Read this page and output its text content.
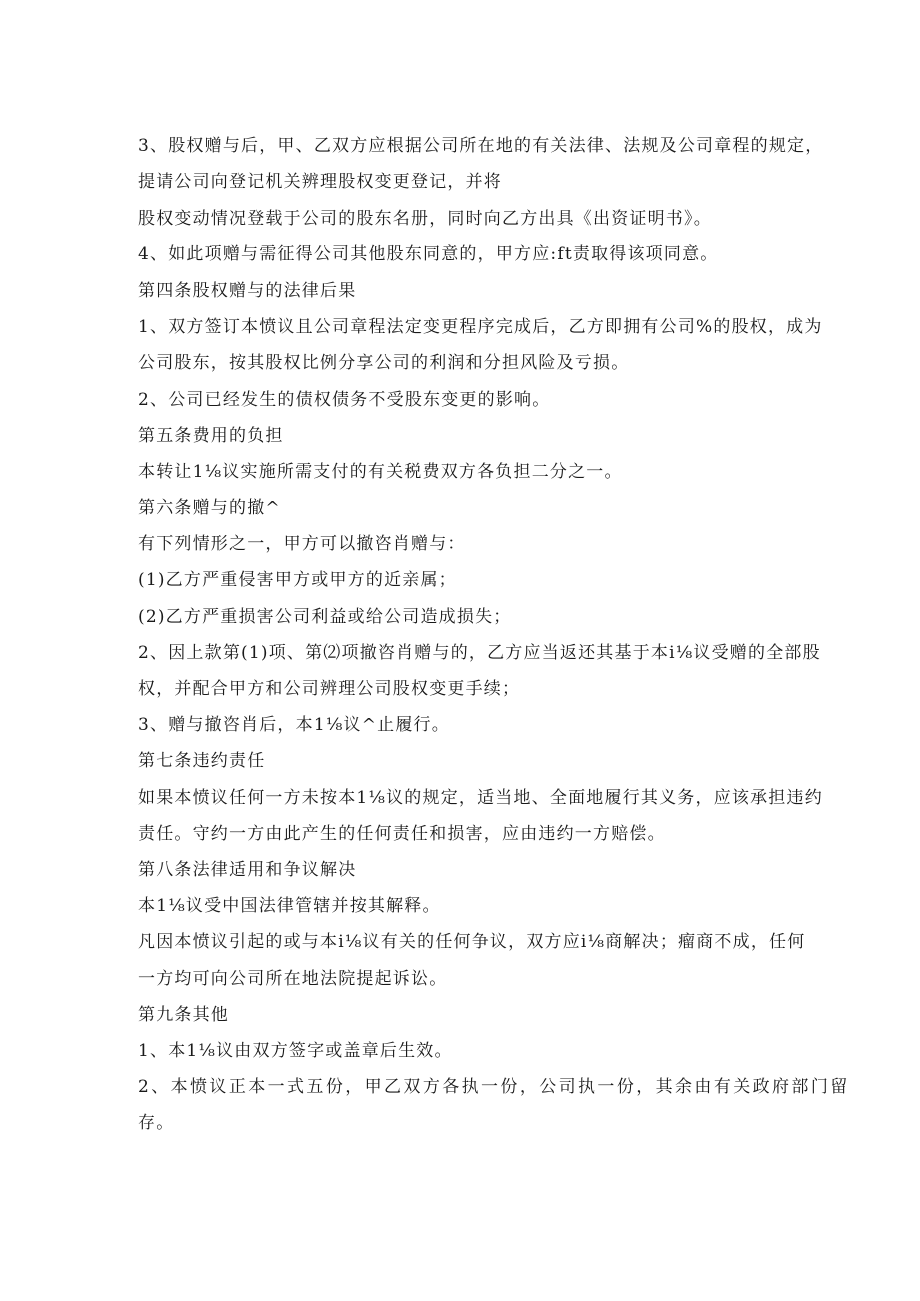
3、股权赠与后，甲、乙双方应根据公司所在地的有关法律、法规及公司章程的规定，
提请公司向登记机关辨理股权变更登记，并将
股权变动情况登载于公司的股东名册，同时向乙方出具《出资证明书》。
4、如此项赠与需征得公司其他股东同意的，甲方应:ft责取得该项同意。
第四条股权赠与的法律后果
1、双方签订本愤议且公司章程法定变更程序完成后，乙方即拥有公司%的股权，成为
公司股东，按其股权比例分享公司的利润和分担风险及亏损。
2、公司已经发生的债权债务不受股东变更的影响。
第五条费用的负担
本转让1⅛议实施所需支付的有关税费双方各负担二分之一。
第六条赠与的撤^
有下列情形之一，甲方可以撤咨肖赠与：
(1)乙方严重侵害甲方或甲方的近亲属；
(2)乙方严重损害公司利益或给公司造成损失；
2、因上款第(1)项、第⑵项撤咨肖赠与的，乙方应当返还其基于本i⅛议受赠的全部股
权，并配合甲方和公司辨理公司股权变更手续；
3、赠与撤咨肖后，本1⅛议^止履行。
第七条违约责任
如果本愤议任何一方未按本1⅛议的规定，适当地、全面地履行其义务，应该承担违约
责任。守约一方由此产生的任何责任和损害，应由违约一方赔偿。
第八条法律适用和争议解决
本1⅛议受中国法律管辖并按其解释。
凡因本愤议引起的或与本i⅛议有关的任何争议，双方应i⅛商解决；瘤商不成，任何
一方均可向公司所在地法院提起诉讼。
第九条其他
1、本1⅛议由双方签字或盖章后生效。
2、本愤议正本一式五份，甲乙双方各执一份，公司执一份，其余由有关政府部门留
存。
